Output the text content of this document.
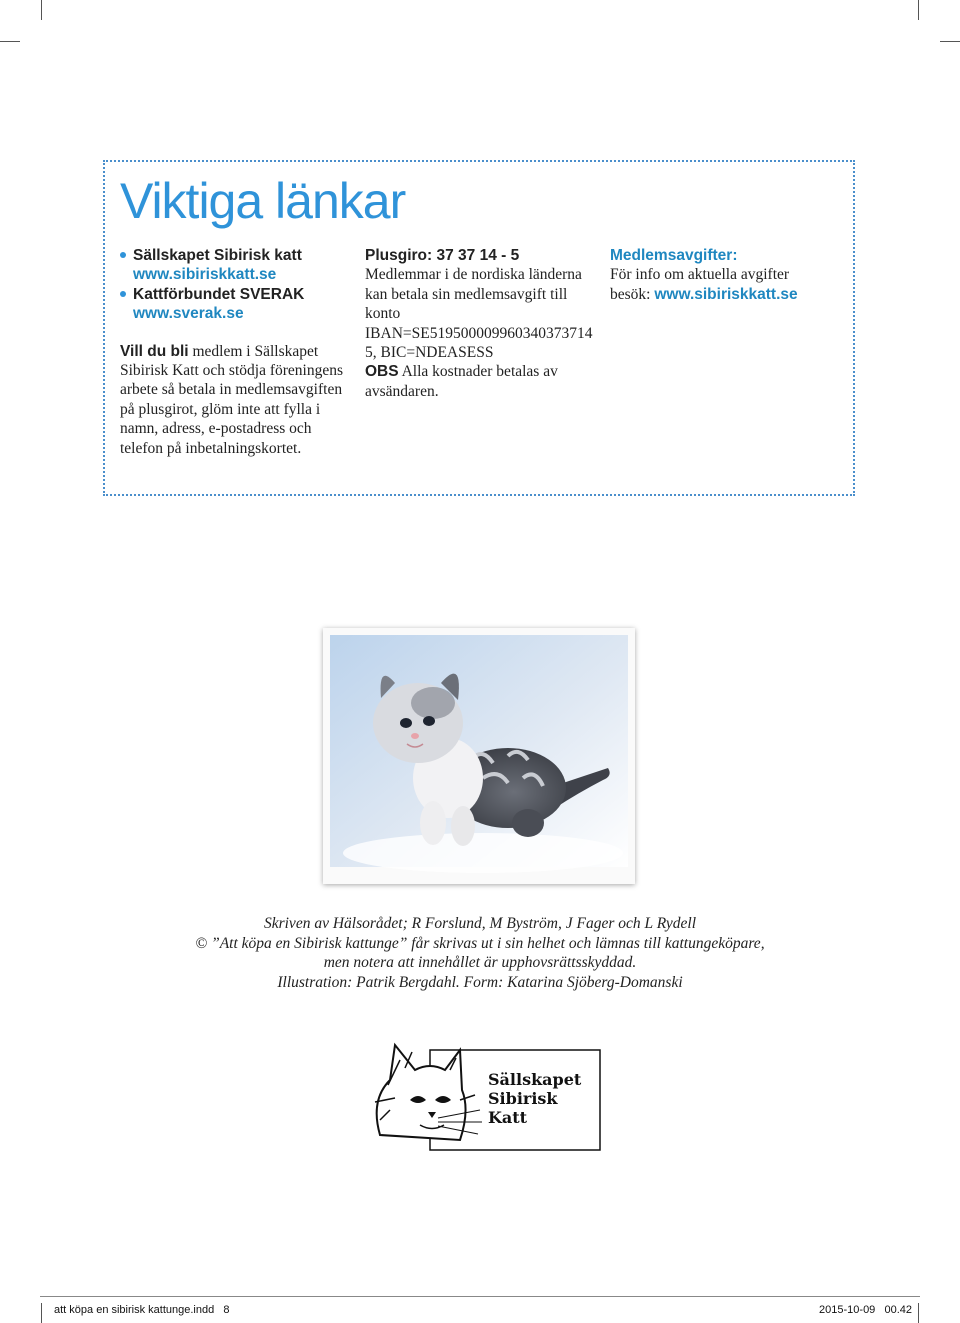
Viktiga länkar
Sällskapet Sibirisk katt
www.sibiriskkatt.se
Kattförbundet SVERAK
www.sverak.se

Vill du bli medlem i Sällskapet Sibirisk Katt och stödja föreningens arbete så betala in medlemsavgiften på plusgirot, glöm inte att fylla i namn, adress, e-postadress och telefon på inbetalningskortet.

Plusgiro: 37 37 14 - 5
Medlemmar i de nordiska länderna kan betala sin medlemsavgift till konto IBAN=SE5195000099603403737145, BIC=NDEASESS
OBS Alla kostnader betalas av avsändaren.
Medlemsavgifter:
För info om aktuella avgifter besök: www.sibiriskkatt.se
Skriven av Hälsorådet; R Forslund, M Byström, J Fager och L Rydell
© ”Att köpa en Sibirisk kattunge” får skrivas ut i sin helhet och lämnas till kattungeköpare,
men notera att innehållet är upphovsrättsskyddad.
Illustration: Patrik Bergdahl. Form: Katarina Sjöberg-Domanski
Sällskapet
Sibirisk
Katt
att köpa en sibirisk kattunge.indd   8	2015-10-09   00.42
